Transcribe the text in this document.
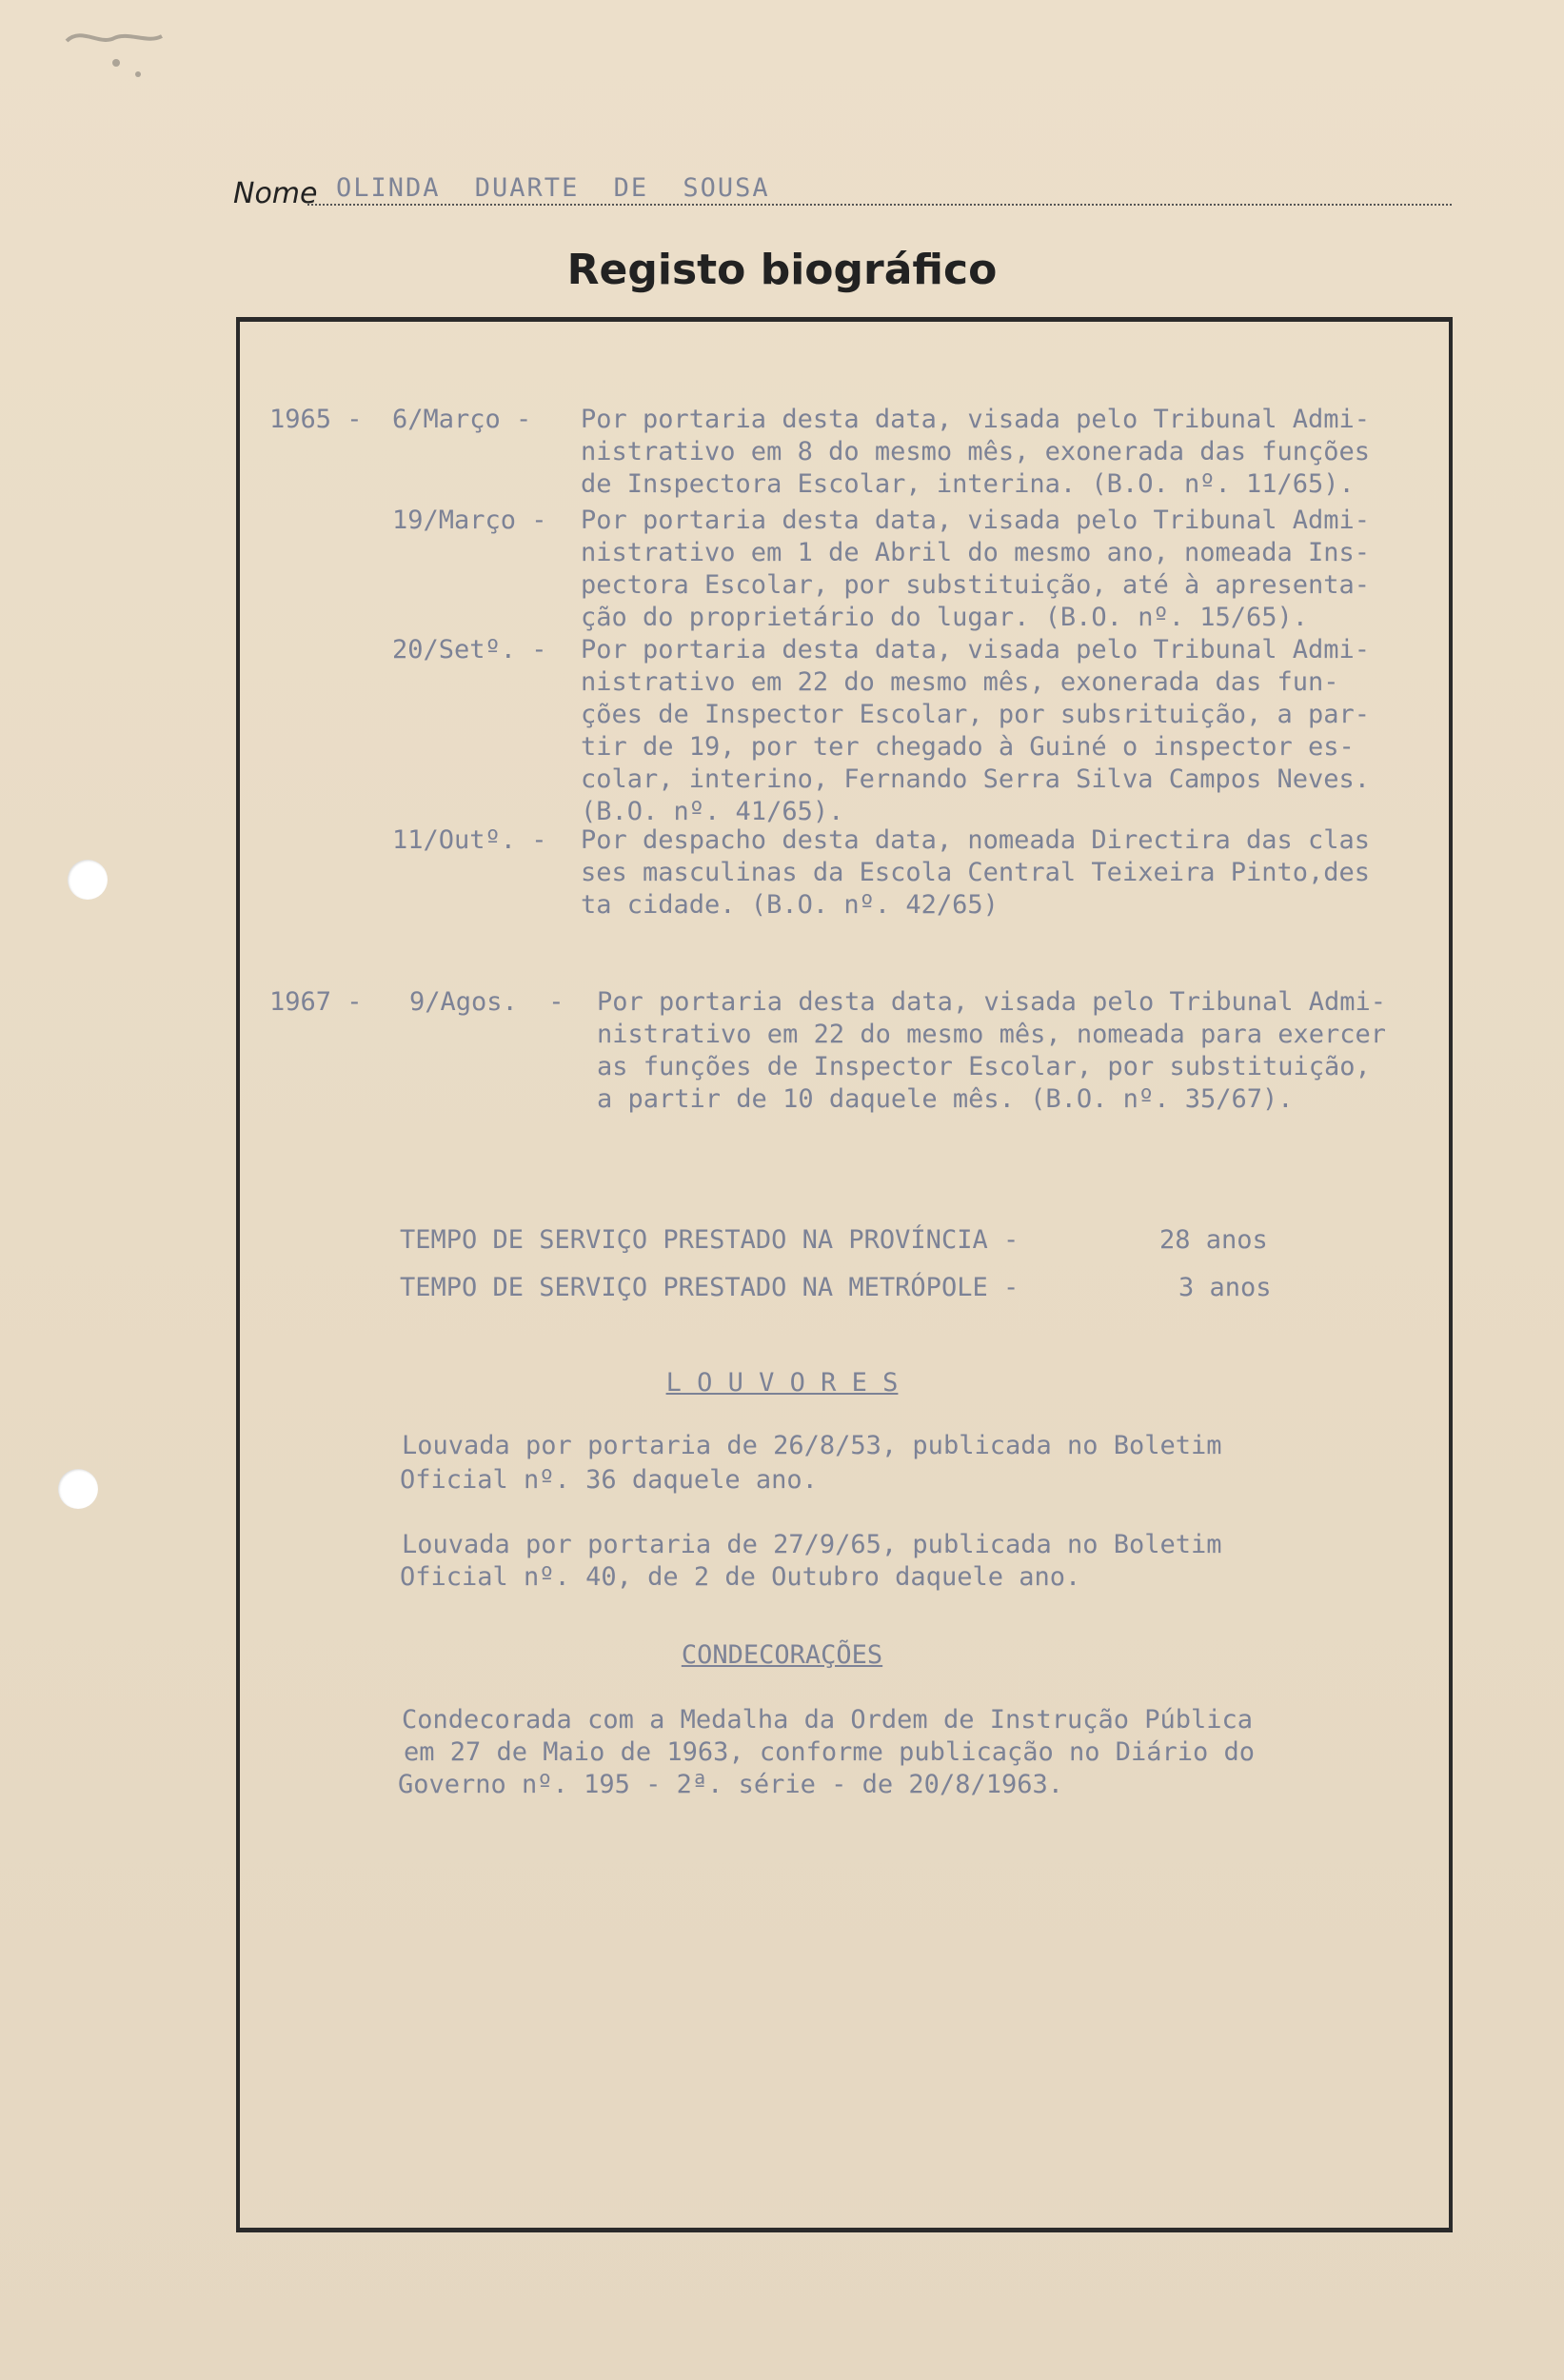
Nome OLINDA DUARTE DE SOUSA
Registo biográfico
1965 - 6/Março - Por portaria desta data, visada pelo Tribunal Admi-
nistrativo em 8 do mesmo mês, exonerada das funções
de Inspectora Escolar, interina. (B.O. nº. 11/65).
19/Março - Por portaria desta data, visada pelo Tribunal Admi-
nistrativo em 1 de Abril do mesmo ano, nomeada Ins-
pectora Escolar, por substituição, até à apresenta-
ção do proprietário do lugar. (B.O. nº. 15/65).
20/Setº. - Por portaria desta data, visada pelo Tribunal Admi-
nistrativo em 22 do mesmo mês, exonerada das fun-
ções de Inspector Escolar, por subsrituição, a par-
tir de 19, por ter chegado à Guiné o inspector es-
colar, interino, Fernando Serra Silva Campos Neves.
(B.O. nº. 41/65).
11/Outº. - Por despacho desta data, nomeada Directira das clas
ses masculinas da Escola Central Teixeira Pinto,des
ta cidade. (B.O. nº. 42/65)
1967 - 9/Agos.  - Por portaria desta data, visada pelo Tribunal Admi-
nistrativo em 22 do mesmo mês, nomeada para exercer
as funções de Inspector Escolar, por substituição,
a partir de 10 daquele mês. (B.O. nº. 35/67).
TEMPO DE SERVIÇO PRESTADO NA PROVÍNCIA -	28 anos
TEMPO DE SERVIÇO PRESTADO NA METRÓPOLE -	3 anos
L O U V O R E S
Louvada por portaria de 26/8/53, publicada no Boletim
Oficial nº. 36 daquele ano.
Louvada por portaria de 27/9/65, publicada no Boletim
Oficial nº. 40, de 2 de Outubro daquele ano.
CONDECORAÇÕES
Condecorada com a Medalha da Ordem de Instrução Pública
em 27 de Maio de 1963, conforme publicação no Diário do
Governo nº. 195 - 2ª. série - de 20/8/1963.
